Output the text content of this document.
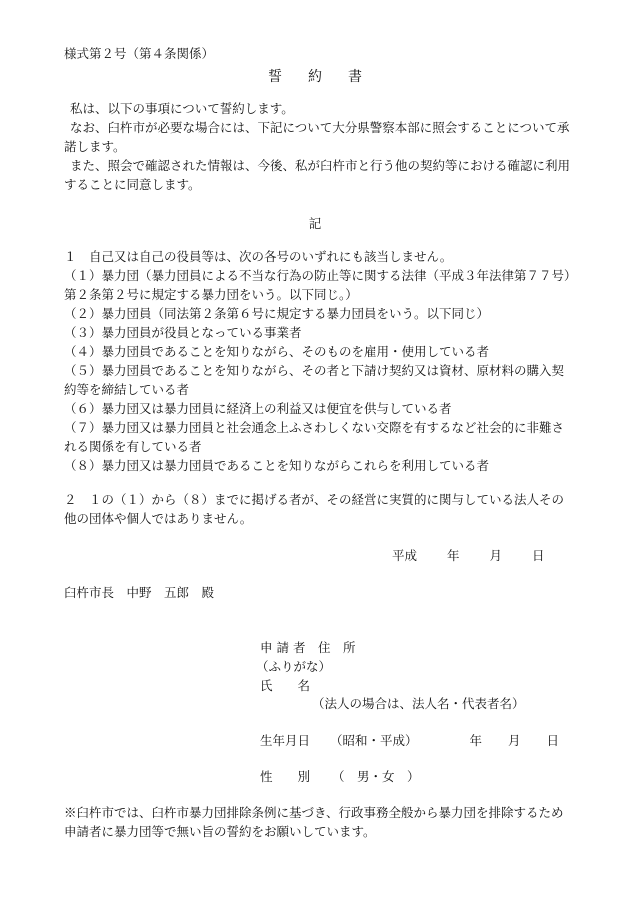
様式第２号（第４条関係）
誓約書

私は、以下の事項について誓約します。

なお、臼杵市が必要な場合には、下記について大分県警察本部に照会することについて承諾します。

また、照会で確認された情報は、今後、私が臼杵市と行う他の契約等における確認に利用することに同意します。

記

１　自己又は自己の役員等は、次の各号のいずれにも該当しません。

（１）暴力団（暴力団員による不当な行為の防止等に関する法律（平成３年法律第７７号）第２条第２号に規定する暴力団をいう。以下同じ。）

（２）暴力団員（同法第２条第６号に規定する暴力団員をいう。以下同じ）

（３）暴力団員が役員となっている事業者

（４）暴力団員であることを知りながら、そのものを雇用・使用している者

（５）暴力団員であることを知りながら、その者と下請け契約又は資材、原材料の購入契約等を締結している者

（６）暴力団又は暴力団員に経済上の利益又は便宜を供与している者

（７）暴力団又は暴力団員と社会通念上ふさわしくない交際を有するなど社会的に非難される関係を有している者

（８）暴力団又は暴力団員であることを知りながらこれらを利用している者

２　１の（１）から（８）までに掲げる者が、その経営に実質的に関与している法人その他の団体や個人ではありません。
平成 年 月 日
臼杵市長　中野　五郎　殿
申 請 者　住　所
（ふりがな）
氏　　名
（法人の場合は、法人名・代表者名）
生年月日 （昭和・平成）	年 月 日
性　　別 （　男・女　）
※臼杵市では、臼杵市暴力団排除条例に基づき、行政事務全般から暴力団を排除するため申請者に暴力団等で無い旨の誓約をお願いしています。
